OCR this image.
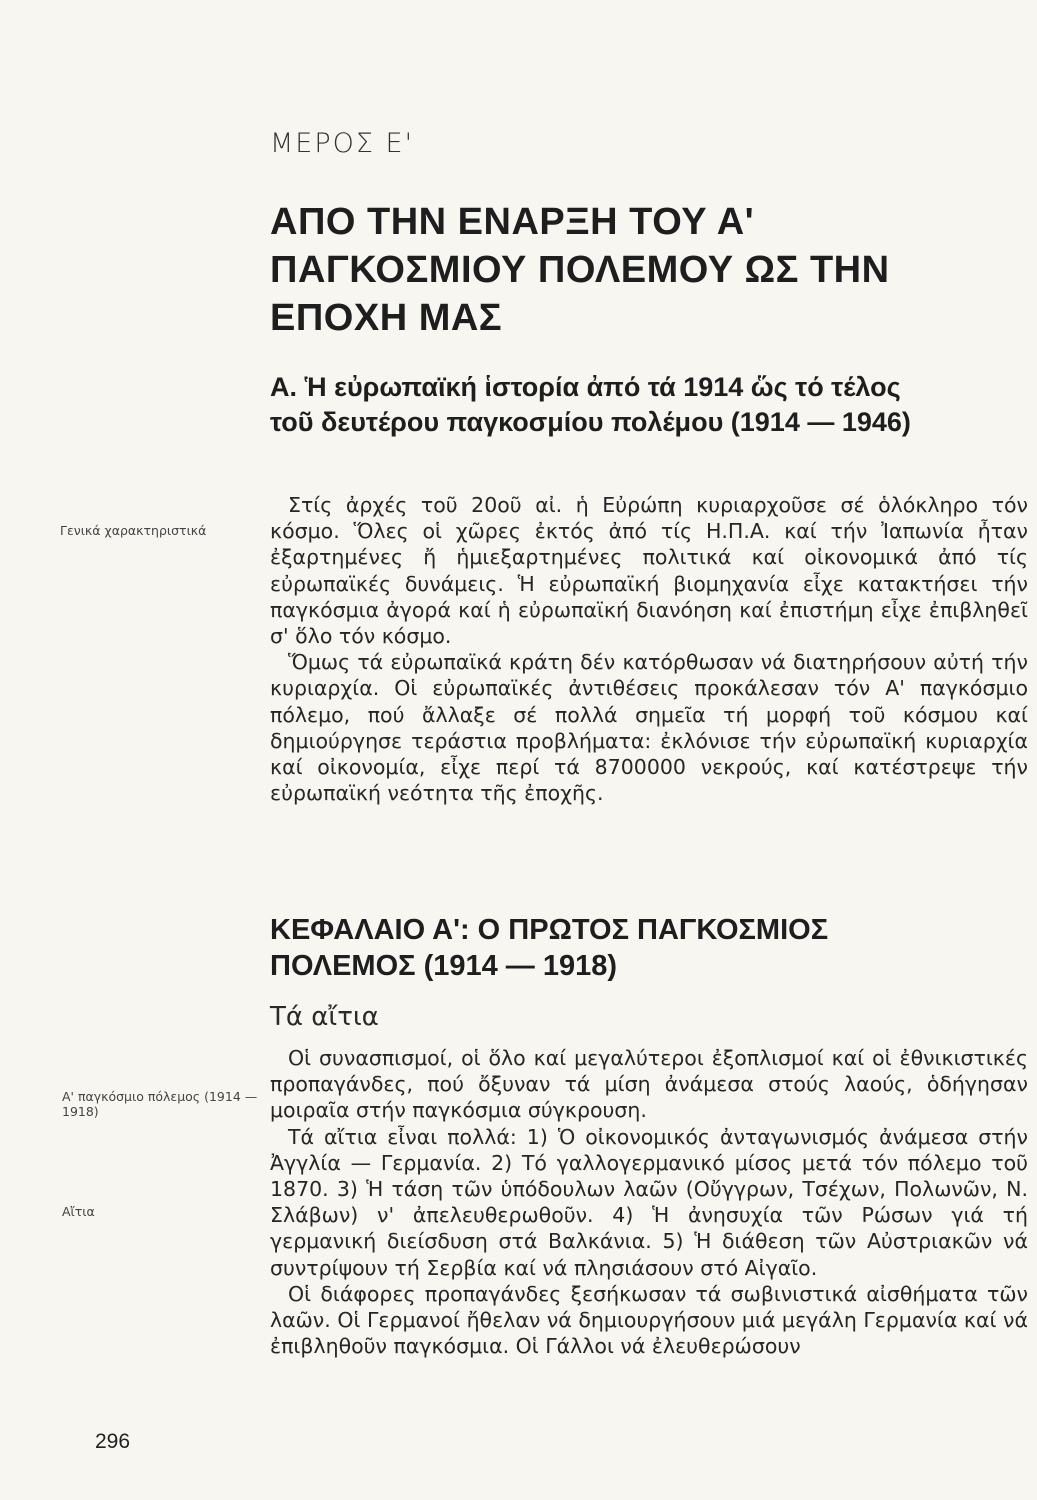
ΜΕΡΟΣ Ε'
ΑΠΟ ΤΗΝ ΕΝΑΡΞΗ ΤΟΥ Α' ΠΑΓΚΟΣΜΙΟΥ ΠΟΛΕΜΟΥ ΩΣ ΤΗΝ ΕΠΟΧΗ ΜΑΣ
Α. Ἡ εὐρωπαϊκή ἱστορία ἀπό τά 1914 ὥς τό τέλος τοῦ δευτέρου παγκοσμίου πολέμου (1914 — 1946)
Γενικά χαρακτηριστικά

Στίς ἀρχές τοῦ 20οῦ αἰ. ἡ Εὐρώπη κυριαρχοῦσε σέ ὁλόκληρο τόν κόσμο. Ὅλες οἱ χῶρες ἐκτός ἀπό τίς Η.Π.Α. καί τήν Ἰαπωνία ἦταν ἐξαρτημένες ἤ ἡμιεξαρτημένες πολιτικά καί οἰκονομικά ἀπό τίς εὐρωπαϊκές δυνάμεις. Ἡ εὐρωπαϊκή βιομηχανία εἶχε κατακτήσει τήν παγκόσμια ἀγορά καί ἡ εὐρωπαϊκή διανόηση καί ἐπιστήμη εἶχε ἐπιβληθεῖ σ' ὅλο τόν κόσμο.

Ὅμως τά εὐρωπαϊκά κράτη δέν κατόρθωσαν νά διατηρήσουν αὐτή τήν κυριαρχία. Οἱ εὐρωπαϊκές ἀντιθέσεις προκάλεσαν τόν Α' παγκόσμιο πόλεμο, πού ἄλλαξε σέ πολλά σημεῖα τή μορφή τοῦ κόσμου καί δημιούργησε τεράστια προβλήματα: ἐκλόνισε τήν εὐρωπαϊκή κυριαρχία καί οἰκονομία, εἶχε περί τά 8700000 νεκρούς, καί κατέστρεψε τήν εὐρωπαϊκή νεότητα τῆς ἐποχῆς.

ΚΕΦΑΛΑΙΟ Α': Ο ΠΡΩΤΟΣ ΠΑΓΚΟΣΜΙΟΣ ΠΟΛΕΜΟΣ (1914 — 1918)
Τά αἴτια
Α' παγκόσμιο πόλεμος (1914 — 1918)
Αἴτια

Οἱ συνασπισμοί, οἱ ὅλο καί μεγαλύτεροι ἐξοπλισμοί καί οἱ ἐθνικιστικές προπαγάνδες, πού ὄξυναν τά μίση ἀνάμεσα στούς λαούς, ὁδήγησαν μοιραῖα στήν παγκόσμια σύγκρουση.

Τά αἴτια εἶναι πολλά: 1) Ὁ οἰκονομικός ἀνταγωνισμός ἀνάμεσα στήν Ἀγγλία — Γερμανία. 2) Τό γαλλογερμανικό μίσος μετά τόν πόλεμο τοῦ 1870. 3) Ἡ τάση τῶν ὑπόδουλων λαῶν (Οὔγγρων, Τσέχων, Πολωνῶν, Ν. Σλάβων) ν' ἀπελευθερωθοῦν. 4) Ἡ ἀνησυχία τῶν Ρώσων γιά τή γερμανική διείσδυση στά Βαλκάνια. 5) Ἡ διάθεση τῶν Αὐστριακῶν νά συντρίψουν τή Σερβία καί νά πλησιάσουν στό Αἰγαῖο.

Οἱ διάφορες προπαγάνδες ξεσήκωσαν τά σωβινιστικά αἰσθήματα τῶν λαῶν. Οἱ Γερμανοί ἤθελαν νά δημιουργήσουν μιά μεγάλη Γερμανία καί νά ἐπιβληθοῦν παγκόσμια. Οἱ Γάλλοι νά ἐλευθερώσουν

296
